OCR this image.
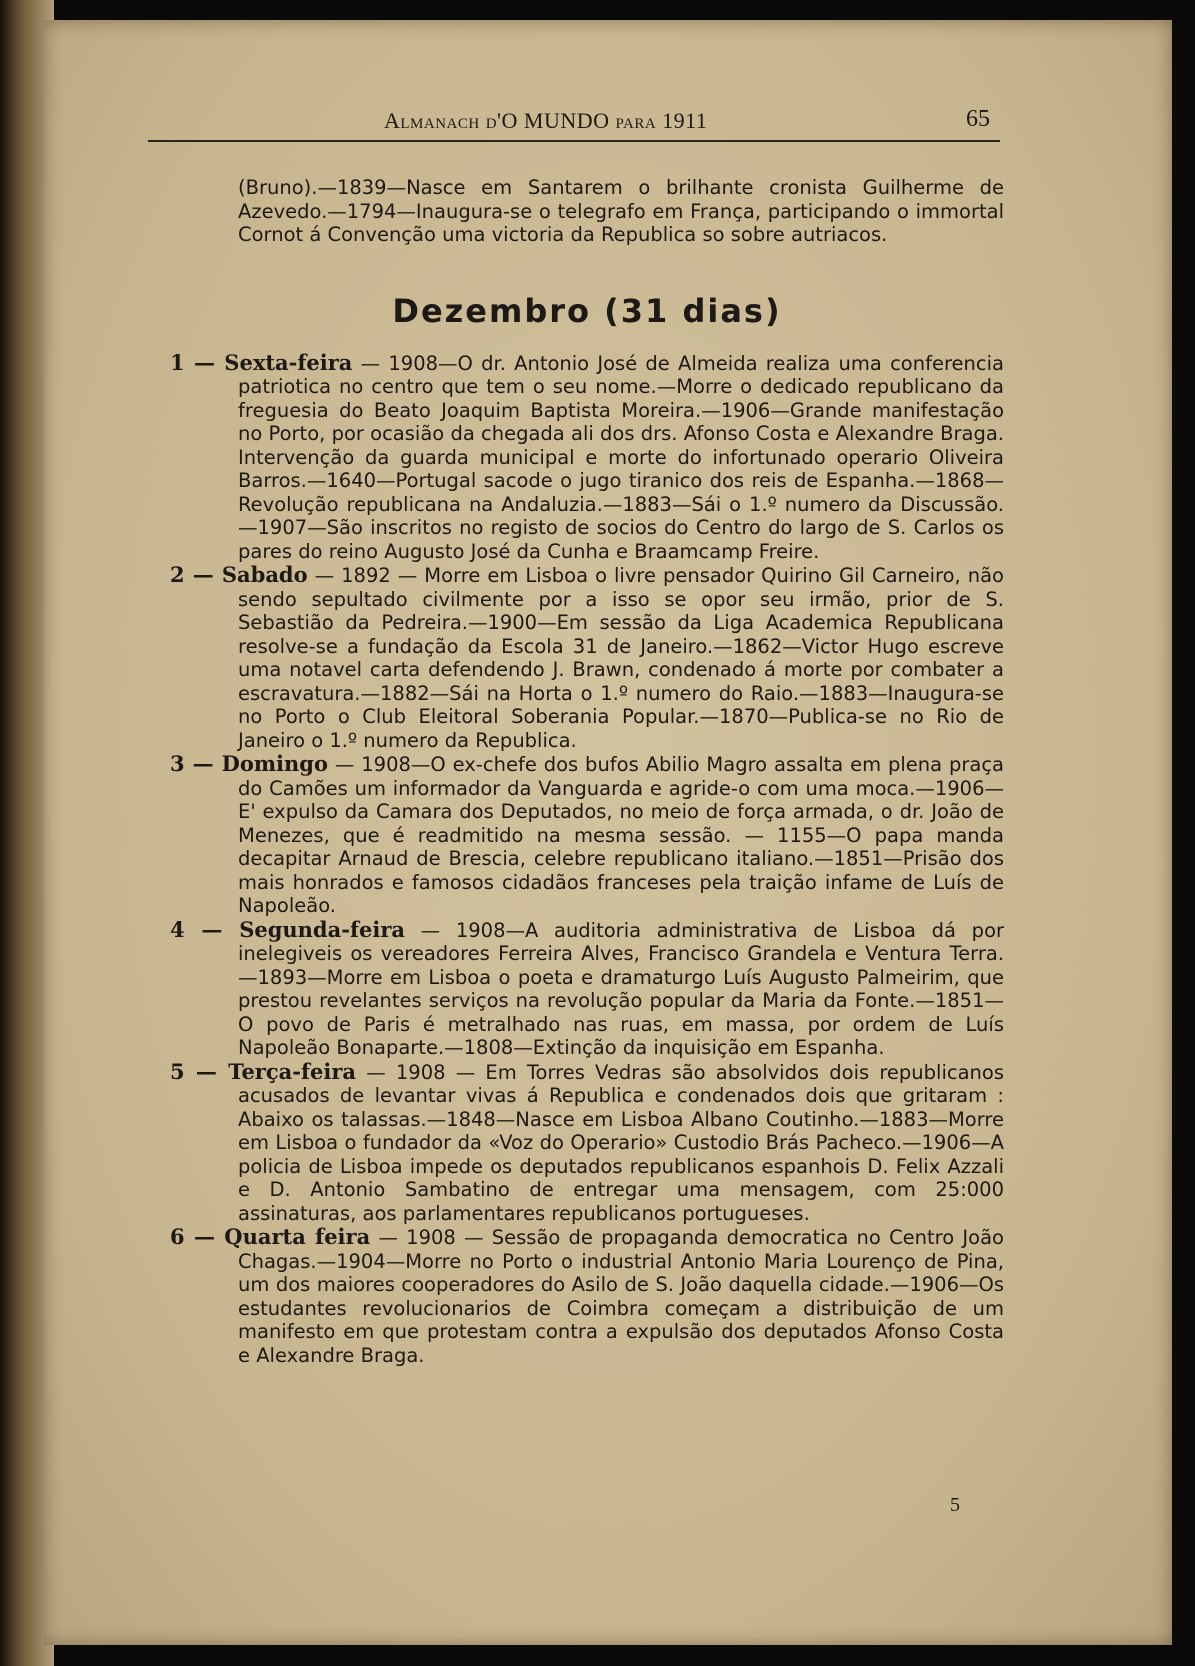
Almanach d'O MUNDO para 1911	65

(Bruno).—1839—Nasce em Santarem o brilhante cronista Guilherme de Azevedo.—1794—Inaugura-se o telegrafo em França, participando o immortal Cornot á Convenção uma victoria da Republica so sobre autriacos.

Dezembro (31 dias)

1 — Sexta-feira — 1908—O dr. Antonio José de Almeida realiza uma conferencia patriotica no centro que tem o seu nome.—Morre o dedicado republicano da freguesia do Beato Joaquim Baptista Moreira.—1906—Grande manifestação no Porto, por ocasião da chegada ali dos drs. Afonso Costa e Alexandre Braga. Intervenção da guarda municipal e morte do infortunado operario Oliveira Barros.—1640—Portugal sacode o jugo tiranico dos reis de Espanha.—1868—Revolução republicana na Andaluzia.—1883—Sái o 1.º numero da Discussão.—1907—São inscritos no registo de socios do Centro do largo de S. Carlos os pares do reino Augusto José da Cunha e Braamcamp Freire.

2 — Sabado — 1892 — Morre em Lisboa o livre pensador Quirino Gil Carneiro, não sendo sepultado civilmente por a isso se opor seu irmão, prior de S. Sebastião da Pedreira.—1900—Em sessão da Liga Academica Republicana resolve-se a fundação da Escola 31 de Janeiro.—1862—Victor Hugo escreve uma notavel carta defendendo J. Brawn, condenado á morte por combater a escravatura.—1882—Sái na Horta o 1.º numero do Raio.—1883—Inaugura-se no Porto o Club Eleitoral Soberania Popular.—1870—Publica-se no Rio de Janeiro o 1.º numero da Republica.

3 — Domingo — 1908—O ex-chefe dos bufos Abilio Magro assalta em plena praça do Camões um informador da Vanguarda e agride-o com uma moca.—1906—E' expulso da Camara dos Deputados, no meio de força armada, o dr. João de Menezes, que é readmitido na mesma sessão. — 1155—O papa manda decapitar Arnaud de Brescia, celebre republicano italiano.—1851—Prisão dos mais honrados e famosos cidadãos franceses pela traição infame de Luís de Napoleão.

4 — Segunda-feira — 1908—A auditoria administrativa de Lisboa dá por inelegiveis os vereadores Ferreira Alves, Francisco Grandela e Ventura Terra.—1893—Morre em Lisboa o poeta e dramaturgo Luís Augusto Palmeirim, que prestou revelantes serviços na revolução popular da Maria da Fonte.—1851—O povo de Paris é metralhado nas ruas, em massa, por ordem de Luís Napoleão Bonaparte.—1808—Extinção da inquisição em Espanha.

5 — Terça-feira — 1908 — Em Torres Vedras são absolvidos dois republicanos acusados de levantar vivas á Republica e condenados dois que gritaram : Abaixo os talassas.—1848—Nasce em Lisboa Albano Coutinho.—1883—Morre em Lisboa o fundador da «Voz do Operario» Custodio Brás Pacheco.—1906—A policia de Lisboa impede os deputados republicanos espanhois D. Felix Azzali e D. Antonio Sambatino de entregar uma mensagem, com 25:000 assinaturas, aos parlamentares republicanos portugueses.

6 — Quarta feira — 1908 — Sessão de propaganda democratica no Centro João Chagas.—1904—Morre no Porto o industrial Antonio Maria Lourenço de Pina, um dos maiores cooperadores do Asilo de S. João daquella cidade.—1906—Os estudantes revolucionarios de Coimbra começam a distribuição de um manifesto em que protestam contra a expulsão dos deputados Afonso Costa e Alexandre Braga.

5
